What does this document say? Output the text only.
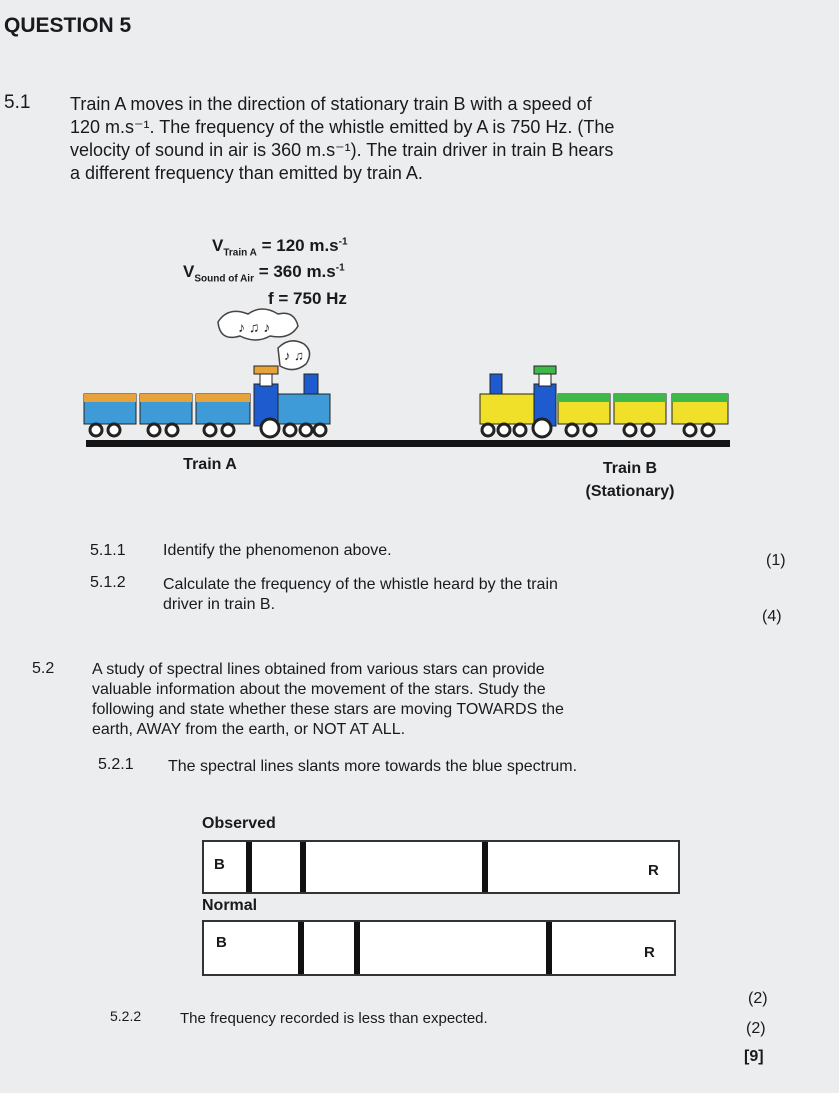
QUESTION 5
5.1 Train A moves in the direction of stationary train B with a speed of
120 m.s⁻¹. The frequency of the whistle emitted by A is 750 Hz. (The
velocity of sound in air is 360 m.s⁻¹). The train driver in train B hears
a different frequency than emitted by train A.
$V_{Train A} = 120$ $m.s^{-1}$
$V_{Sound of Air} = 360$ $m.s^{-1}$
f = 750 Hz
♪ ♫ ♪
♪ ♫
Train A	Train B
(Stationary)
5.1.1 Identify the phenomenon above.
(1)
5.1.2 Calculate the frequency of the whistle heard by the train
driver in train B.
(4)
5.2 A study of spectral lines obtained from various stars can provide
valuable information about the movement of the stars. Study the
following and state whether these stars are moving TOWARDS the
earth, AWAY from the earth, or NOT AT ALL.
5.2.1 The spectral lines slants more towards the blue spectrum.
Observed
B	R
Normal
B
R
(2)
5.2.2	The frequency recorded is less than expected.
(2)
[9]
